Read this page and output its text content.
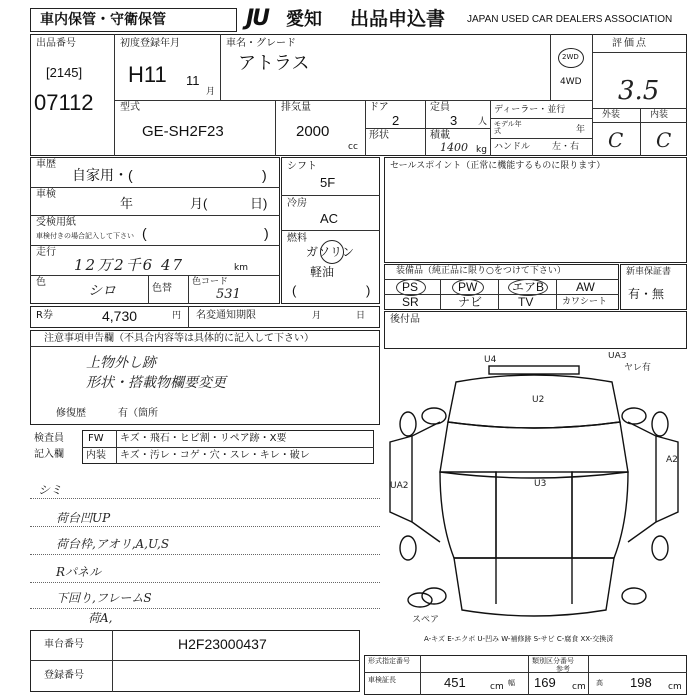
車内保管・守衛保管	JU 愛知 出品申込書 JAPAN USED CAR DEALERS ASSOCIATION
出品番号
[2145]
07112
初度登録年月
H11 11
月
車名・グレード
アトラス	2WD
4WD
評価点
3.5
外装	内装
C C
型式
GE-SH2F23
排気量
2000
cc
ドア
2
形状
定員
3 人
積載
1400 kg
ディーラー・並行
モデル年式	年
ハンドル 左・右
車歴
自家用・(	)
車検
年	月(	日)
受検用紙
車検付きの場合記入して下さい (	)
走行
12万2千6 47	km
色
シロ	色替
色コード
531
シフト
5F
冷房
AC
燃料
ガソリン
軽油
(	)
セールスポイント（正常に機能するものに限ります）
装備品（純正品に限り○をつけて下さい）
PS	PW	エアB	AW
SR	ナビ	TV	カワシート
新車保証書
有・無
R券	4,730	円 名変通知期限	月	日 後付品
注意事項申告欄（不具合内容等は具体的に記入して下さい）
上物外し跡
形状・搭載物欄要変更
修復歴	有（箇所
検査員
記入欄
FW キズ・飛石・ヒビ割・リペア跡・X要
内装 キズ・汚レ・コゲ・穴・スレ・キレ・破レ
シミ
荷台凹UP
荷台枠,アオリ,A,U,S
Rパネル
下回り,フレームS
荷A,
U4	UA3
ヤレ有
U2
A2
UA2	U3
スペア
A-キズ E-エクボ U-凹み W-補修跡 S-サビ C-腐食 XX-交換済
車台番号	H2F23000437
登録番号
形式指定番号	類別区分番号
参考
車検証長	451	cm 幅 169 cm 高 198 cm
